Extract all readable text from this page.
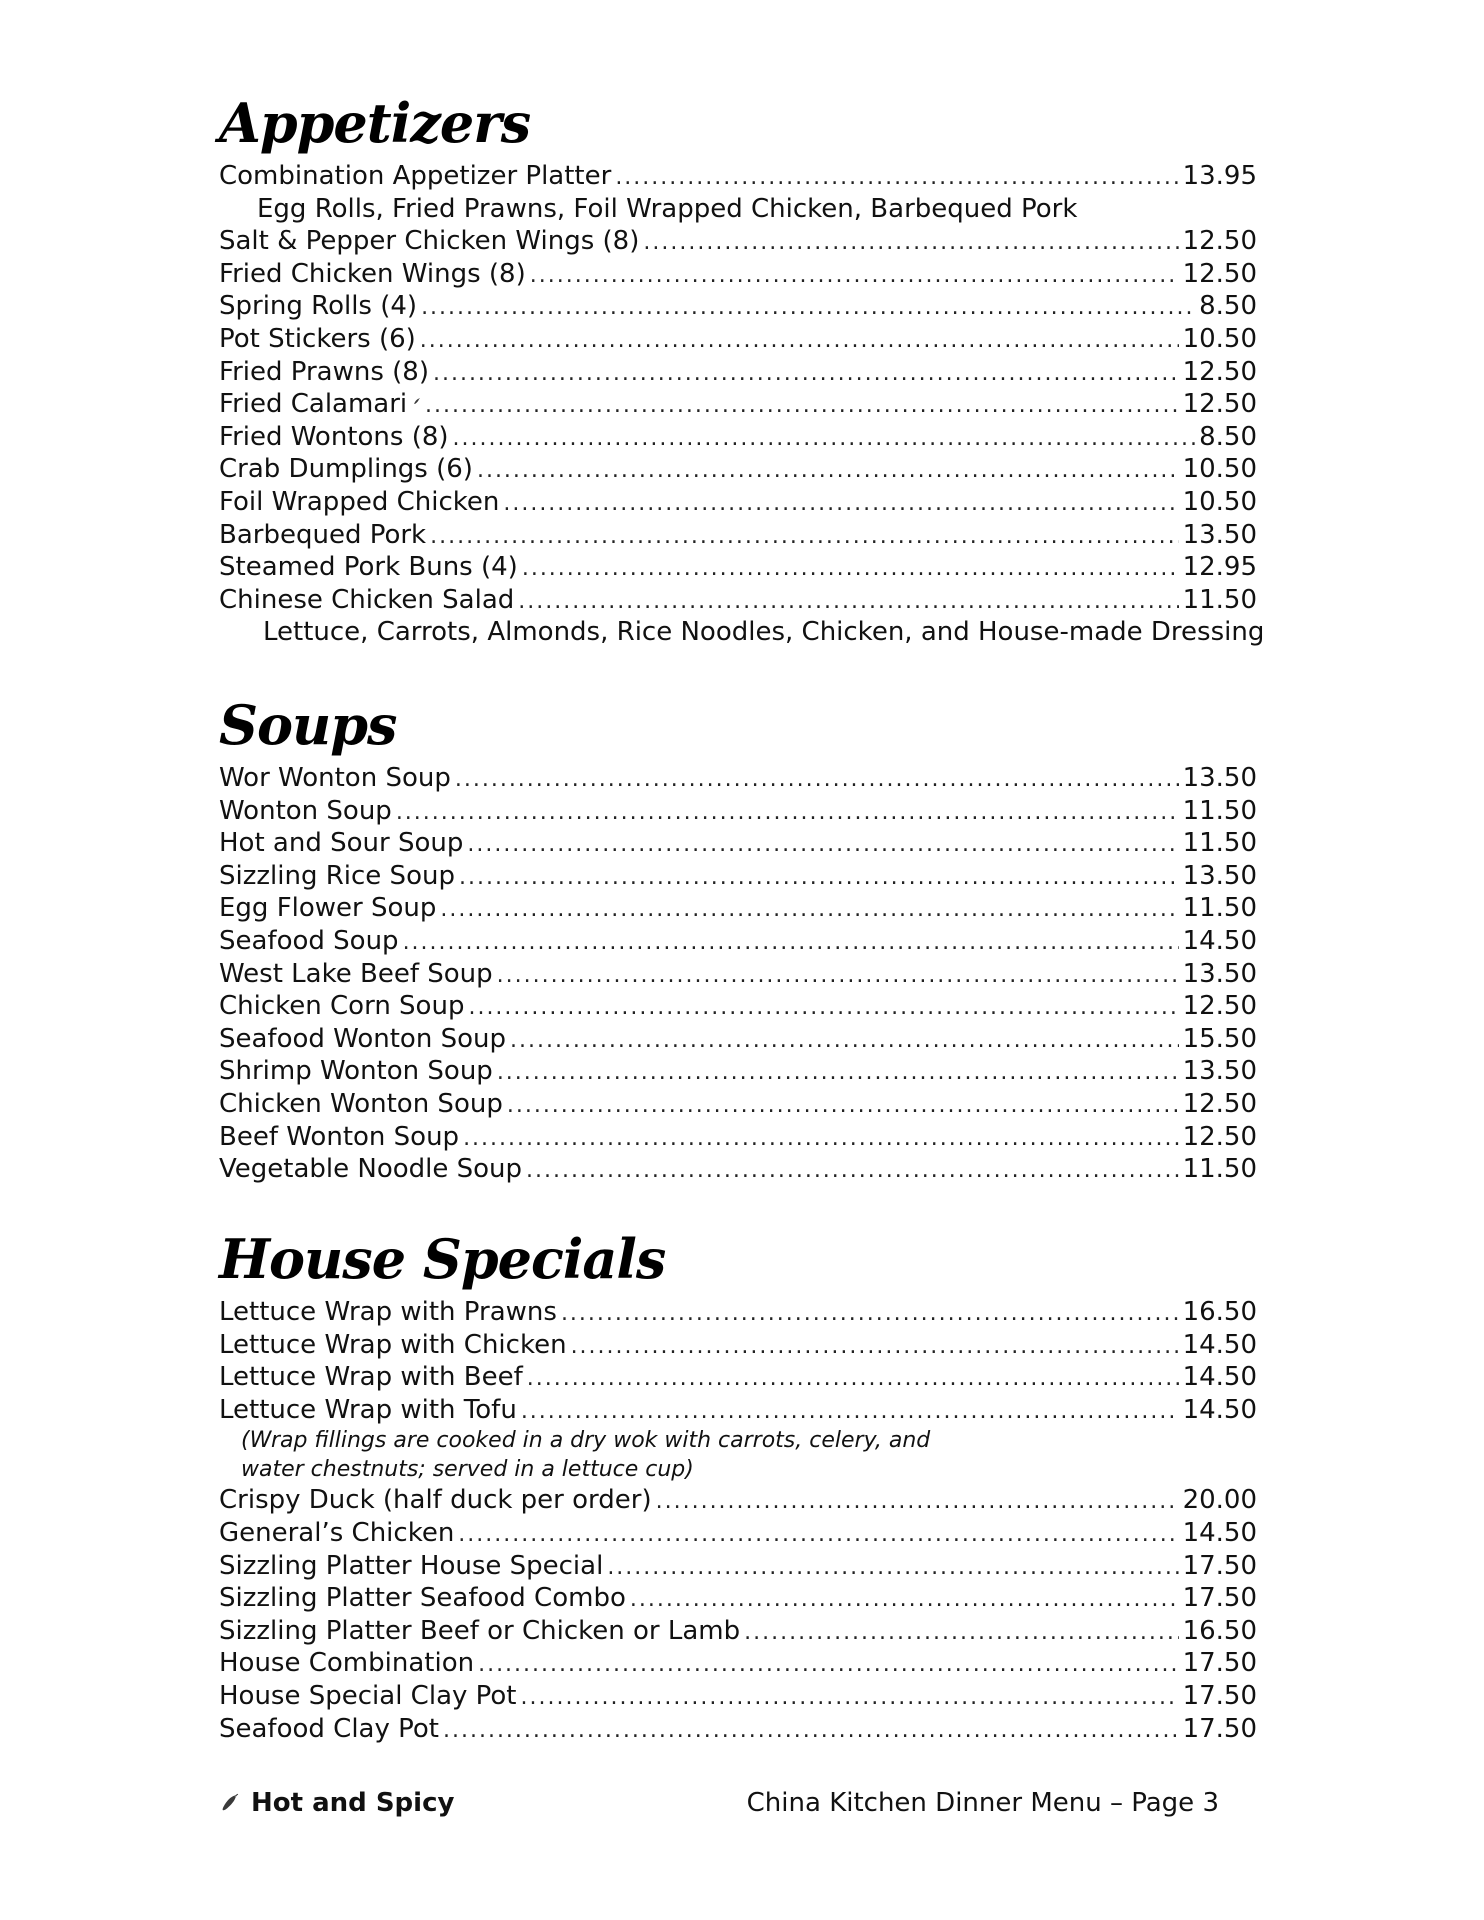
Appetizers
Combination Appetizer Platter .....	13.95
Egg Rolls, Fried Prawns, Foil Wrapped Chicken, Barbequed Pork
Salt & Pepper Chicken Wings (8) .....	12.50
Fried Chicken Wings (8) .....	12.50
Spring Rolls (4) .....	8.50
Pot Stickers (6) .....	10.50
Fried Prawns (8) .....	12.50
Fried Calamari .....	12.50
Fried Wontons (8) .....	8.50
Crab Dumplings (6) .....	10.50
Foil Wrapped Chicken .....	10.50
Barbequed Pork .....	13.50
Steamed Pork Buns (4) .....	12.95
Chinese Chicken Salad .....	11.50
Lettuce, Carrots, Almonds, Rice Noodles, Chicken, and House-made Dressing
Soups
Wor Wonton Soup .....	13.50
Wonton Soup .....	11.50
Hot and Sour Soup .....	11.50
Sizzling Rice Soup .....	13.50
Egg Flower Soup .....	11.50
Seafood Soup .....	14.50
West Lake Beef Soup .....	13.50
Chicken Corn Soup .....	12.50
Seafood Wonton Soup .....	15.50
Shrimp Wonton Soup .....	13.50
Chicken Wonton Soup .....	12.50
Beef Wonton Soup .....	12.50
Vegetable Noodle Soup .....	11.50
House Specials
Lettuce Wrap with Prawns .....	16.50
Lettuce Wrap with Chicken .....	14.50
Lettuce Wrap with Beef .....	14.50
Lettuce Wrap with Tofu .....	14.50
(Wrap fillings are cooked in a dry wok with carrots, celery, and
water chestnuts; served in a lettuce cup)
Crispy Duck (half duck per order) .....	20.00
General’s Chicken .....	14.50
Sizzling Platter House Special .....	17.50
Sizzling Platter Seafood Combo .....	17.50
Sizzling Platter Beef or Chicken or Lamb .....	16.50
House Combination .....	17.50
House Special Clay Pot .....	17.50
Seafood Clay Pot .....	17.50
Hot and Spicy	China Kitchen Dinner Menu – Page 3
